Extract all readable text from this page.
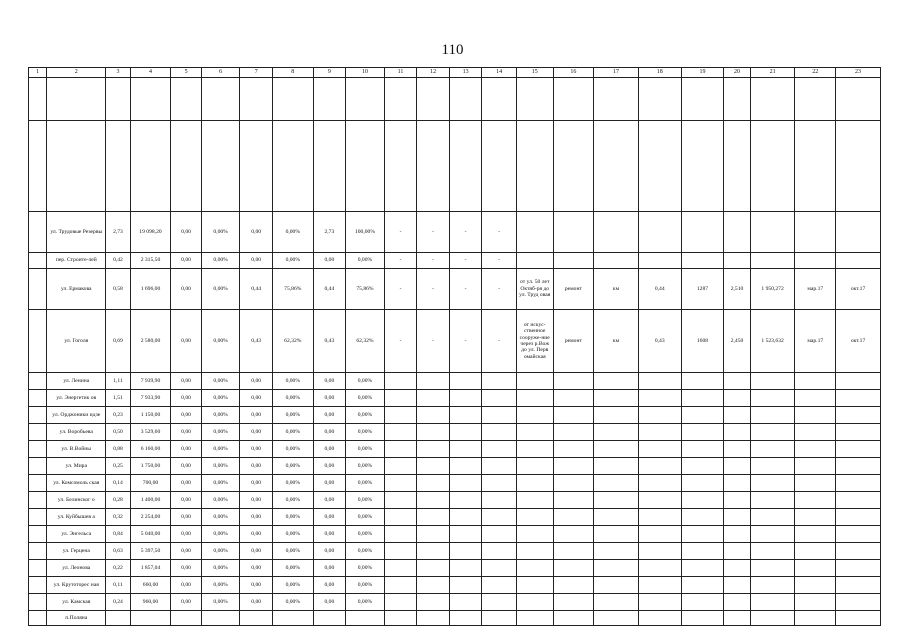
110
1	2	3	4	5	6	7	8	9	10	11	12	13	14	15	16	17	18	19	20	21	22	23

	ул. Трудовые Резервы	2,73	19 098,20	0,00	0,00%	0,00	0,00%	2,73	100,00%	-	-	-	-									
	пер. Строите-лей	0,42	2 315,50	0,00	0,00%	0,00	0,00%	0,00	0,00%	-	-	-	-									
	ул. Ермакова	0,58	1 696,00	0,00	0,00%	0,44	75,86%	0,44	75,86%	-	-	-	-	от ул. 50 лет Октяб-ря до ул. Труд овая	ремонт	км	0,44	1287	2,510	1 950,272	мар.17	окт.17
	ул. Гоголя	0,69	2 580,00	0,00	0,00%	0,43	62,32%	0,43	62,32%	-	-	-	-	от искус-ственное сооруже-ние через р.Вож до ул. Перв омайская	ремонт	км	0,43	1608	2,450	1 523,632	мар.17	окт.17
	ул. Ленина	1,11	7 939,90	0,00	0,00%	0,00	0,00%	0,00	0,00%													
	ул. Энергетик ов	1,51	7 933,90	0,00	0,00%	0,00	0,00%	0,00	0,00%													
	ул. Орджоники идзе	0,23	1 150,00	0,00	0,00%	0,00	0,00%	0,00	0,00%													
	ул. Воробьева	0,50	3 529,60	0,00	0,00%	0,00	0,00%	0,00	0,00%													
	ул. В.Войны	0,88	6 160,00	0,00	0,00%	0,00	0,00%	0,00	0,00%													
	ул. Мира	0,25	1 750,00	0,00	0,00%	0,00	0,00%	0,00	0,00%													
	ул. Комсомоль ская	0,14	700,00	0,00	0,00%	0,00	0,00%	0,00	0,00%													
	ул. Белинског о	0,28	1 400,00	0,00	0,00%	0,00	0,00%	0,00	0,00%													
	ул. Куйбышев а	0,32	2 254,00	0,00	0,00%	0,00	0,00%	0,00	0,00%													
	ул. Энгельса	0,84	5 040,00	0,00	0,00%	0,00	0,00%	0,00	0,00%													
	ул. Герцена	0,63	5 397,50	0,00	0,00%	0,00	0,00%	0,00	0,00%													
	ул. Леонова	0,22	1 857,04	0,00	0,00%	0,00	0,00%	0,00	0,00%													
	ул. Крутоторес ная	0,11	660,00	0,00	0,00%	0,00	0,00%	0,00	0,00%													
	ул. Камская	0,24	960,00	0,00	0,00%	0,00	0,00%	0,00	0,00%													
	п.Поляна																					
